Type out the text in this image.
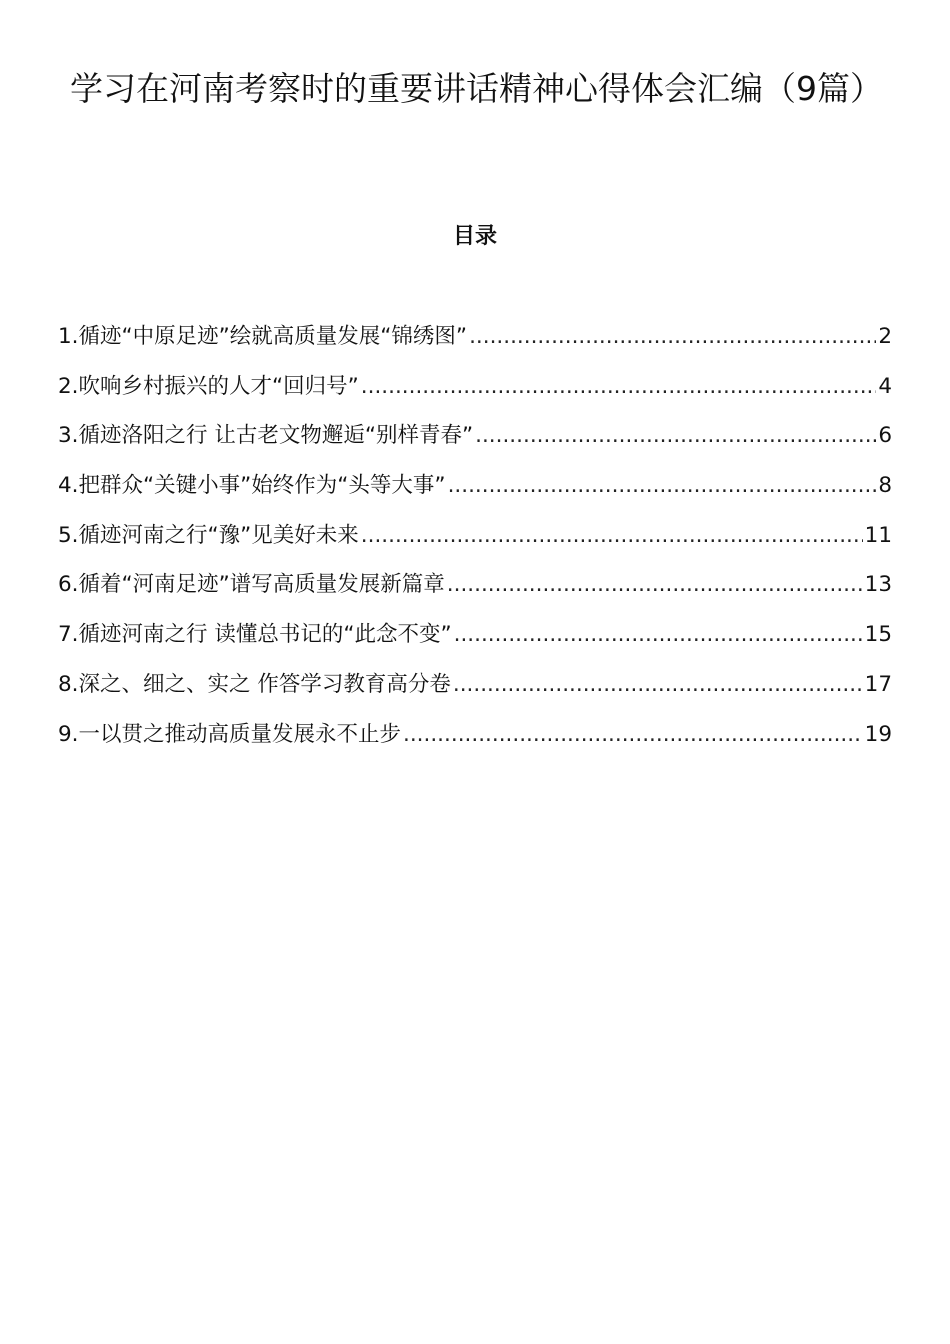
学习在河南考察时的重要讲话精神心得体会汇编（9篇）
目录
1.循迹“中原足迹”绘就高质量发展“锦绣图” .....	2
2.吹响乡村振兴的人才“回归号” .....	4
3.循迹洛阳之行 让古老文物邂逅“别样青春” .....	6
4.把群众“关键小事”始终作为“头等大事” .....	8
5.循迹河南之行“豫”见美好未来 .....	11
6.循着“河南足迹”谱写高质量发展新篇章 .....	13
7.循迹河南之行 读懂总书记的“此念不变” .....	15
8.深之、细之、实之 作答学习教育高分卷 .....	17
9.一以贯之推动高质量发展永不止步 .....	19
